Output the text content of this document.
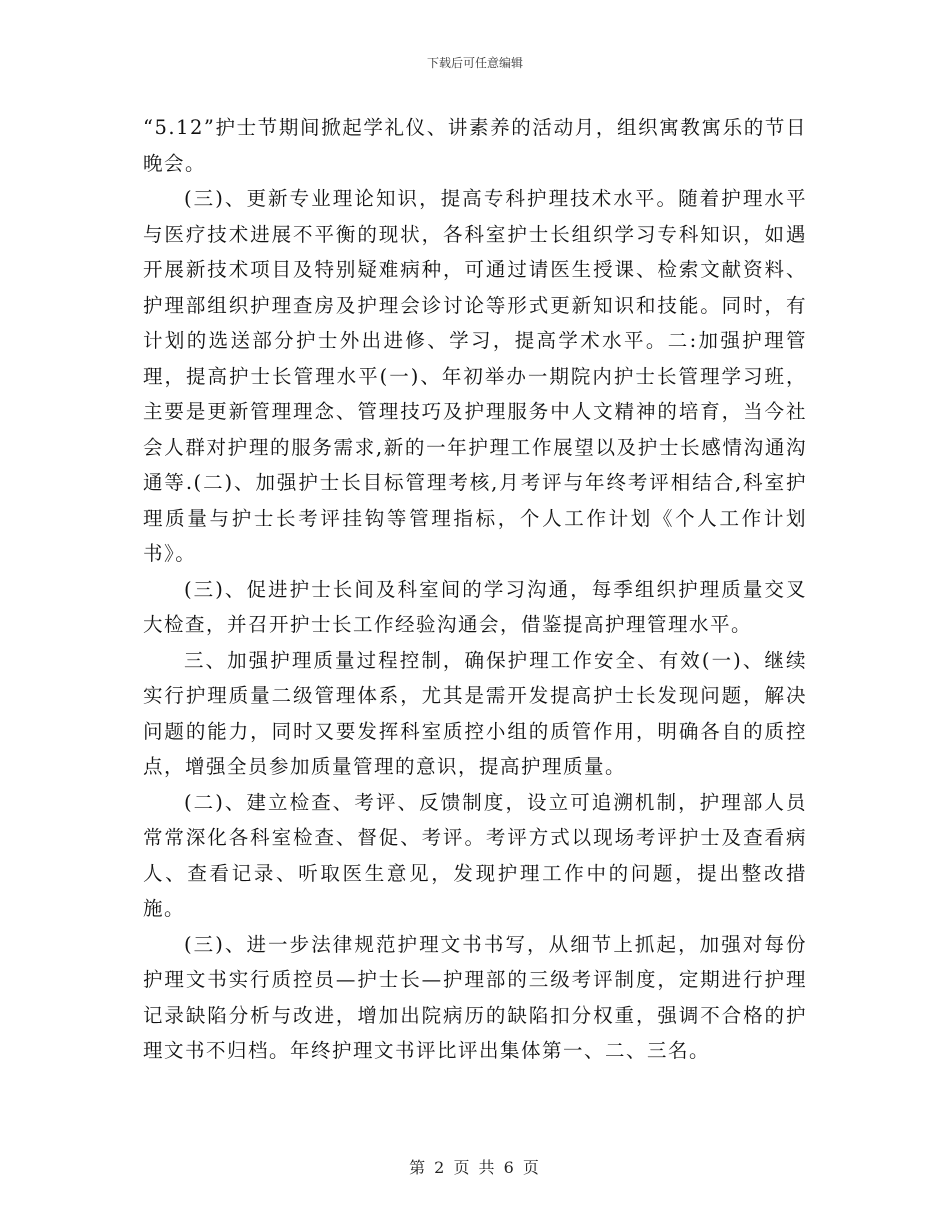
下载后可任意编辑

“5.12”护士节期间掀起学礼仪、讲素养的活动月，组织寓教寓乐的节日晚会。

(三)、更新专业理论知识，提高专科护理技术水平。随着护理水平与医疗技术进展不平衡的现状，各科室护士长组织学习专科知识，如遇开展新技术项目及特别疑难病种，可通过请医生授课、检索文献资料、护理部组织护理查房及护理会诊讨论等形式更新知识和技能。同时，有计划的选送部分护士外出进修、学习，提高学术水平。二:加强护理管理，提高护士长管理水平(一)、年初举办一期院内护士长管理学习班，主要是更新管理理念、管理技巧及护理服务中人文精神的培育，当今社会人群对护理的服务需求,新的一年护理工作展望以及护士长感情沟通沟通等.(二)、加强护士长目标管理考核,月考评与年终考评相结合,科室护理质量与护士长考评挂钩等管理指标，个人工作计划《个人工作计划书》。

(三)、促进护士长间及科室间的学习沟通，每季组织护理质量交叉大检查，并召开护士长工作经验沟通会，借鉴提高护理管理水平。

三、加强护理质量过程控制，确保护理工作安全、有效(一)、继续实行护理质量二级管理体系，尤其是需开发提高护士长发现问题，解决问题的能力，同时又要发挥科室质控小组的质管作用，明确各自的质控点，增强全员参加质量管理的意识，提高护理质量。

(二)、建立检查、考评、反馈制度，设立可追溯机制，护理部人员常常深化各科室检查、督促、考评。考评方式以现场考评护士及查看病人、查看记录、听取医生意见，发现护理工作中的问题，提出整改措施。

(三)、进一步法律规范护理文书书写，从细节上抓起，加强对每份护理文书实行质控员—护士长—护理部的三级考评制度，定期进行护理记录缺陷分析与改进，增加出院病历的缺陷扣分权重，强调不合格的护理文书不归档。年终护理文书评比评出集体第一、二、三名。

第 2 页 共 6 页
